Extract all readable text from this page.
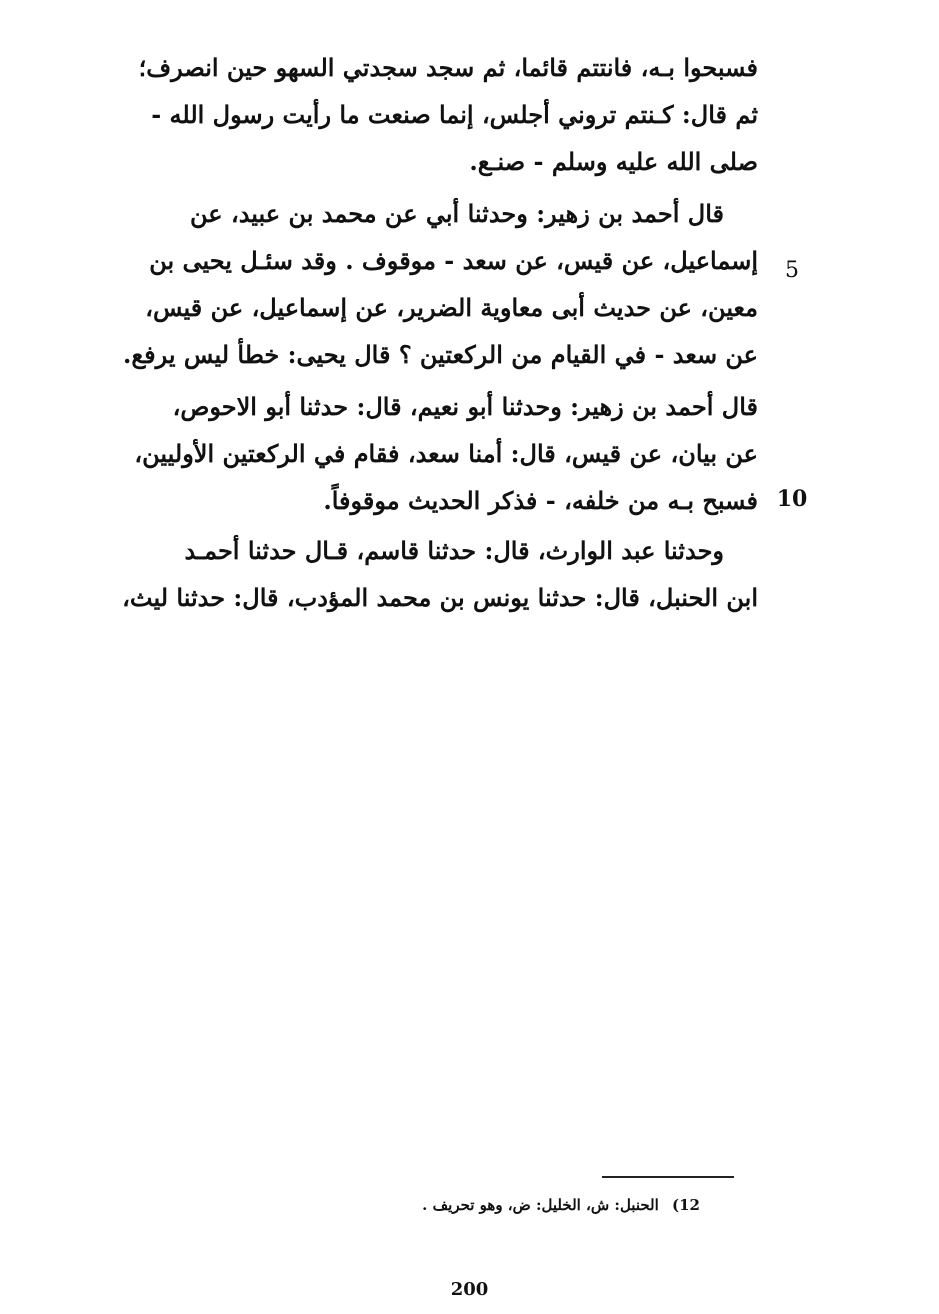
فسبحوا بـه، فانتتم قائما، ثم سجد سجدتي السهو حين انصرف؛
ثم قال: كـنتم تروني أجلس، إنما صنعت ما رأيت رسول الله -
صلى الله عليه وسلم - صنـع.
قال أحمد بن زهير: وحدثنا أبي عن محمد بن عبيد، عن
إسماعيل، عن قيس، عن سعد - موقوف . وقد سئـل يحيى بن
معين، عن حديث أبى معاوية الضرير، عن إسماعيل، عن قيس،
عن سعد - في القيام من الركعتين ؟ قال يحيى: خطأ ليس يرفع.
قال أحمد بن زهير: وحدثنا أبو نعيم، قال: حدثنا أبو الاحوص،
عن بيان، عن قيس، قال: أمنا سعد، فقام في الركعتين الأوليين،
فسبح بـه من خلفه، - فذكر الحديث موقوفاً.
وحدثنا عبد الوارث، قال: حدثنا قاسم، قـال حدثنا أحمـد
ابن الحنبل، قال: حدثنا يونس بن محمد المؤدب، قال: حدثنا ليث،
5
10
12) الحنبل: ش، الخليل: ض، وهو تحريف .
200
